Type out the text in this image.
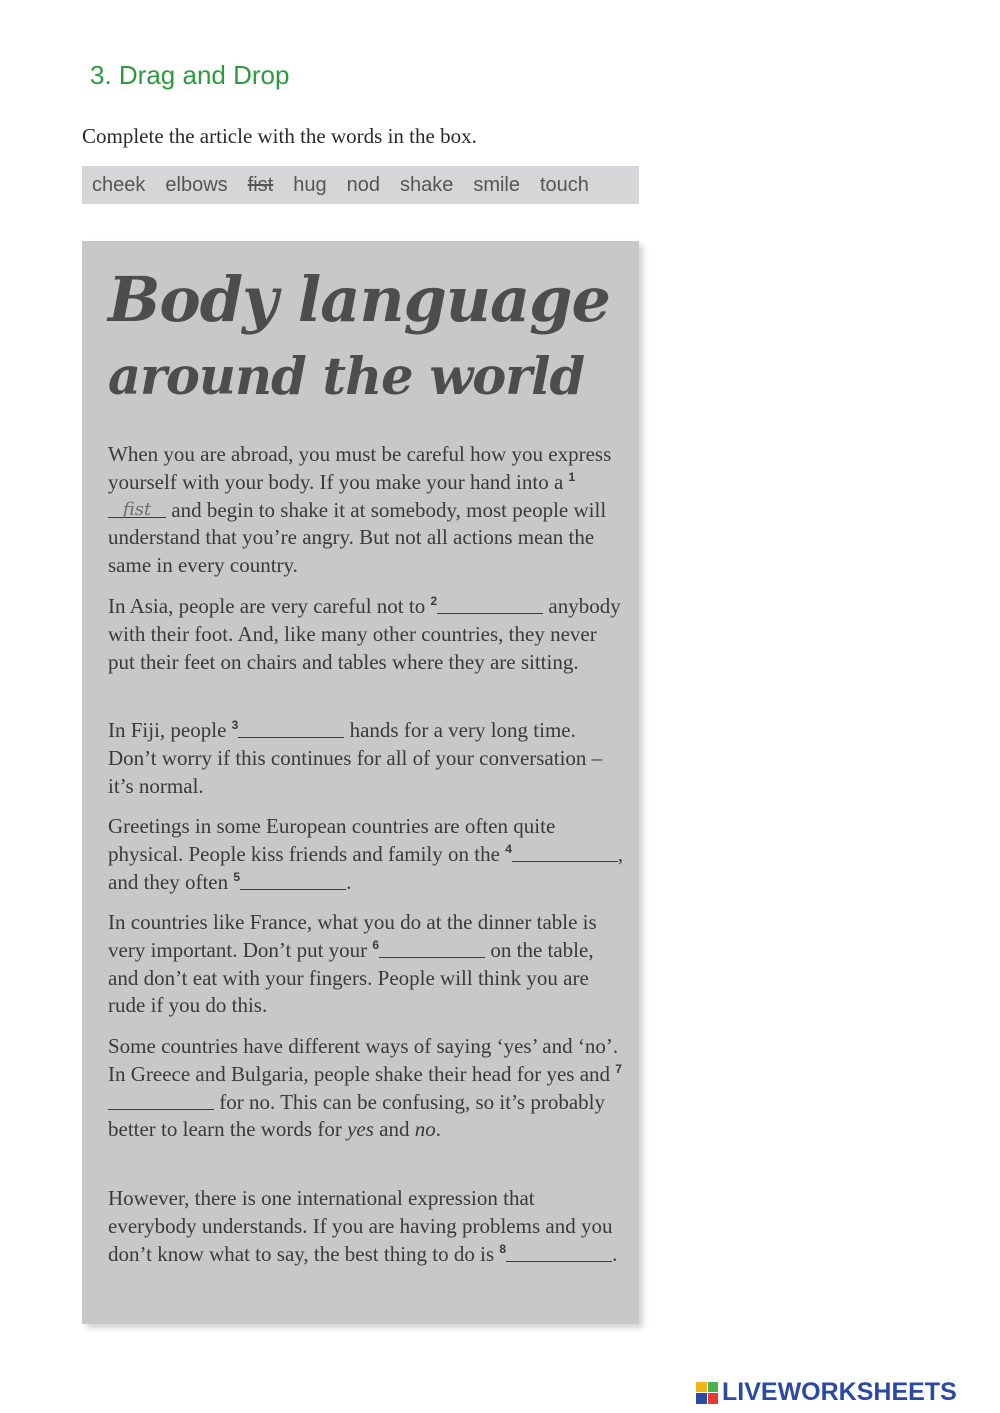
3. Drag and Drop
Complete the article with the words in the box.
cheek elbows fist hug nod shake smile touch
Body language
around the world
When you are abroad, you must be careful how you express yourself with your body. If you make your hand into a $^1$fist and begin to shake it at somebody, most people will understand that you’re angry. But not all actions mean the same in every country.
In Asia, people are very careful not to $^2$	anybody with their foot. And, like many other countries, they never put their feet on chairs and tables where they are sitting.
In Fiji, people $^3$	hands for a very long time. Don’t worry if this continues for all of your conversation – it’s normal.
Greetings in some European countries are often quite physical. People kiss friends and family on the $^4$	, and they often $^5$	.
In countries like France, what you do at the dinner table is very important. Don’t put your $^6$	on the table, and don’t eat with your fingers. People will think you are rude if you do this.
Some countries have different ways of saying ‘yes’ and ‘no’. In Greece and Bulgaria, people shake their head for yes and $^7$ for no. This can be confusing, so it’s probably better to learn the words for yes and no.
However, there is one international expression that everybody understands. If you are having problems and you don’t know what to say, the best thing to do is $^8$	.
LIVEWORKSHEETS
